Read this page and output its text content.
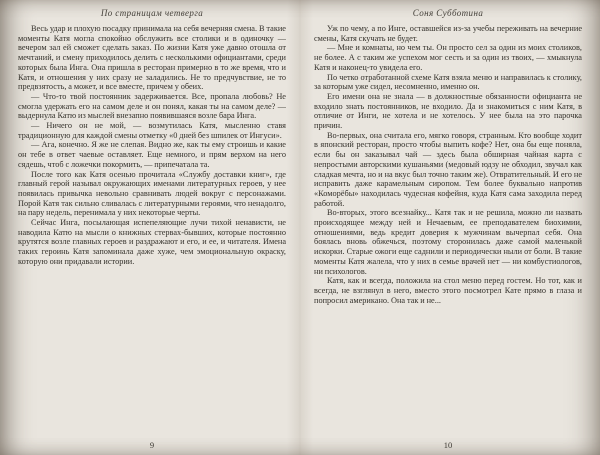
По страницам четверга

Весь удар и плохую посадку принимала на себя вечерняя смена. В такие моменты Катя могла спокойно обслужить все столики и в одиночку — вечером зал ей сможет сделать заказ. По жизни Катя уже давно отошла от мечтаний, и смену приходилось делить с несколькими официантами, среди которых была Инга. Она пришла в ресторан примерно в то же время, что и Катя, и отношения у них сразу не заладились. Не то предчувствие, не то предвзятость, а может, и все вместе, причем у обеих.

— Что-то твой постоянник задерживается. Все, пропала любовь? Не смогла удержать его на самом деле и он понял, какая ты на самом деле? — выдернула Катю из мыслей внезапно появившаяся возле бара Инга.

— Ничего он не мой, — возмутилась Катя, мысленно ставя традиционную для каждой смены отметку «0 дней без шпилек от Ингуси».

— Ага, конечно. Я же не слепая. Видно же, как ты ему строишь и какие он тебе в ответ чаевые оставляет. Еще немного, и прям верхом на него сядешь, чтоб с ложечки покормить, — припечатала та.

После того как Катя осенью прочитала «Службу доставки книг», где главный герой называл окружающих именами литературных героев, у нее появилась привычка невольно сравнивать людей вокруг с персонажами. Порой Катя так сильно сливалась с литературными героями, что ненадолго, на пару недель, перенимала у них некоторые черты.

Сейчас Инга, посылающая испепеляющие лучи тихой ненависти, не наводила Катю на мысли о книжных стервах-бывших, которые постоянно крутятся возле главных героев и раздражают и его, и ее, и читателя. Имена таких героинь Катя запоминала даже хуже, чем эмоциональную окраску, которую они придавали истории.

9
Соня Субботина

Уж по чему, а по Инге, оставшейся из-за учебы переживать на вечерние смены, Катя скучать не будет.

— Мне и комнаты, но чем ты. Он просто сел за один из моих столиков, не более. А с таким же успехом мог сесть и за один из твоих, — хмыкнула Катя и наконец-то увидела его.

По четко отработанной схеме Катя взяла меню и направилась к столику, за которым уже сидел, несомненно, именно он.

Его имени она не знала — в должностные обязанности официанта не входило знать постоянников, не входило. Да и знакомиться с ним Катя, в отличие от Инги, не хотела и не хотелось. У нее была на это парочка причин.

Во-первых, она считала его, мягко говоря, странным. Кто вообще ходит в японский ресторан, просто чтобы выпить кофе? Нет, она бы еще поняла, если бы он заказывал чай — здесь была обширная чайная карта с непростыми авторскими кушаньями (медовый юдзу не обходил, звучал как сладкая мечта, но и на вкус был точно таким же). Отвратительный. И его не исправить даже карамельным сиропом. Тем более буквально напротив «Коморёбы» находилась чудесная кофейня, куда Катя сама заходила перед работой.

Во-вторых, этого всезнайку... Катя так и не решила, можно ли назвать происходящее между ней и Нечаевым, ее преподавателем биохимии, отношениями, ведь кредит доверия к мужчинам вычерпал себя. Она боялась вновь обжечься, поэтому сторонилась даже самой маленькой искорки. Старые ожоги еще саднили и периодически ныли от боли. В такие моменты Катя жалела, что у них в семье врачей нет — ни комбустиологов, ни психологов.

Катя, как и всегда, положила на стол меню перед гостем. Но тот, как и всегда, не взглянул в него, вместо этого посмотрел Кате прямо в глаза и попросил американо. Она так и не...

10
